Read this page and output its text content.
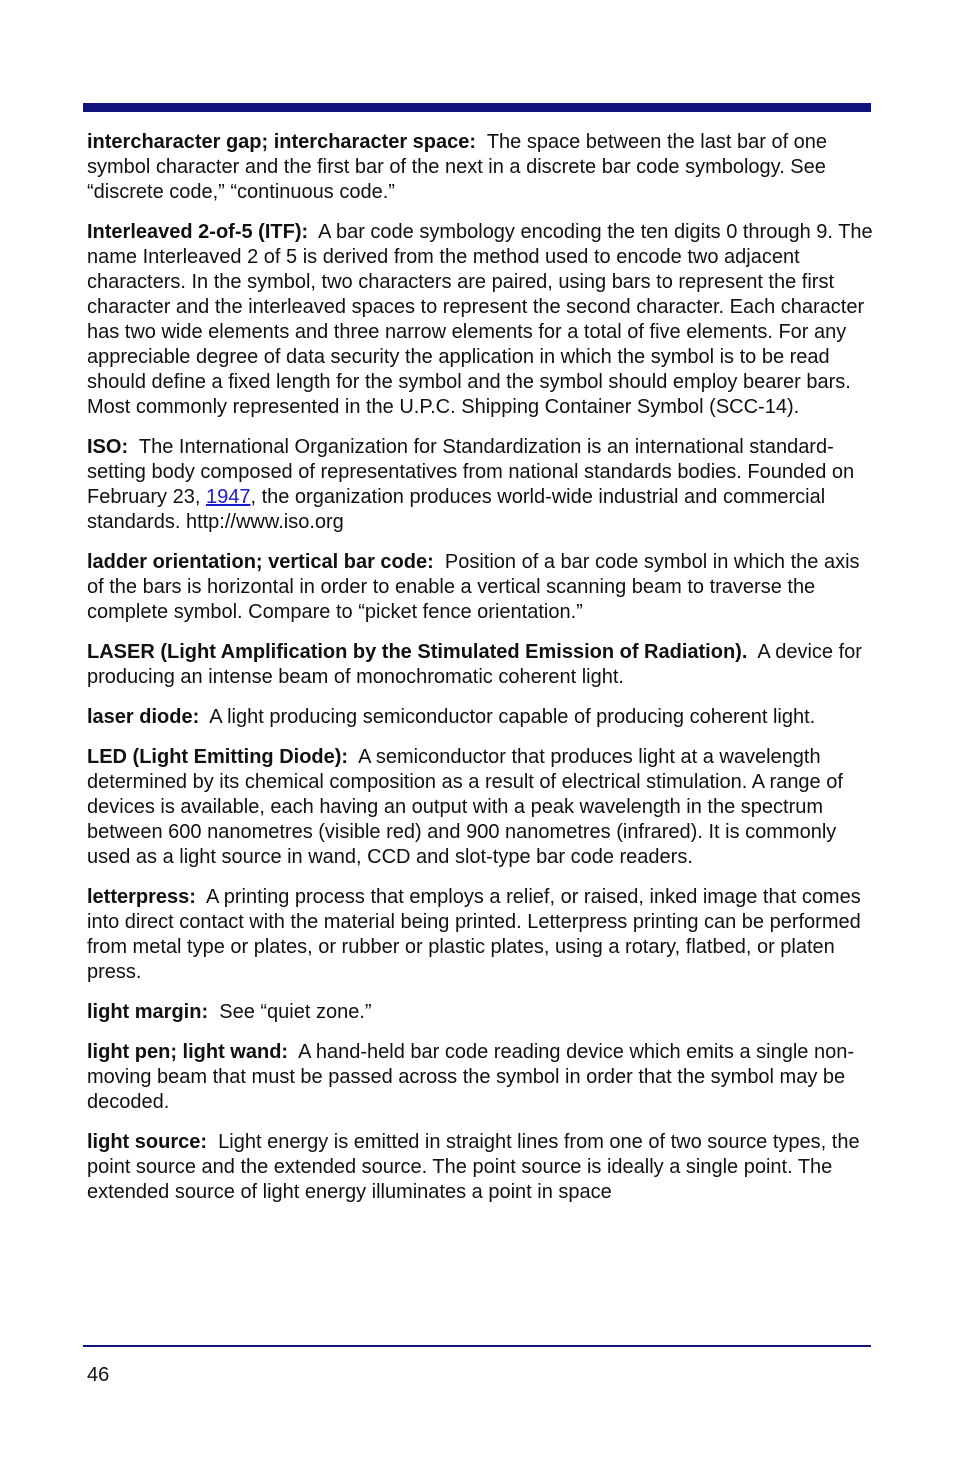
intercharacter gap; intercharacter space: The space between the last bar of one symbol character and the first bar of the next in a discrete bar code symbology. See “discrete code,” “continuous code.”

Interleaved 2-of-5 (ITF): A bar code symbology encoding the ten digits 0 through 9. The name Interleaved 2 of 5 is derived from the method used to encode two adjacent characters. In the symbol, two characters are paired, using bars to represent the first character and the interleaved spaces to represent the second character. Each character has two wide elements and three narrow elements for a total of five elements. For any appreciable degree of data security the application in which the symbol is to be read should define a fixed length for the symbol and the symbol should employ bearer bars. Most commonly represented in the U.P.C. Shipping Container Symbol (SCC-14).

ISO: The International Organization for Standardization is an international standard-setting body composed of representatives from national standards bodies. Founded on February 23, 1947, the organization produces world-wide industrial and commercial standards. http://www.iso.org

ladder orientation; vertical bar code: Position of a bar code symbol in which the axis of the bars is horizontal in order to enable a vertical scanning beam to traverse the complete symbol. Compare to “picket fence orientation.”

LASER (Light Amplification by the Stimulated Emission of Radiation). A device for producing an intense beam of monochromatic coherent light.

laser diode: A light producing semiconductor capable of producing coherent light.

LED (Light Emitting Diode): A semiconductor that produces light at a wavelength determined by its chemical composition as a result of electrical stimulation. A range of devices is available, each having an output with a peak wavelength in the spectrum between 600 nanometres (visible red) and 900 nanometres (infrared). It is commonly used as a light source in wand, CCD and slot-type bar code readers.

letterpress: A printing process that employs a relief, or raised, inked image that comes into direct contact with the material being printed. Letterpress printing can be performed from metal type or plates, or rubber or plastic plates, using a rotary, flatbed, or platen press.

light margin: See “quiet zone.”

light pen; light wand: A hand-held bar code reading device which emits a single non-moving beam that must be passed across the symbol in order that the symbol may be decoded.

light source: Light energy is emitted in straight lines from one of two source types, the point source and the extended source. The point source is ideally a single point. The extended source of light energy illuminates a point in space

46
